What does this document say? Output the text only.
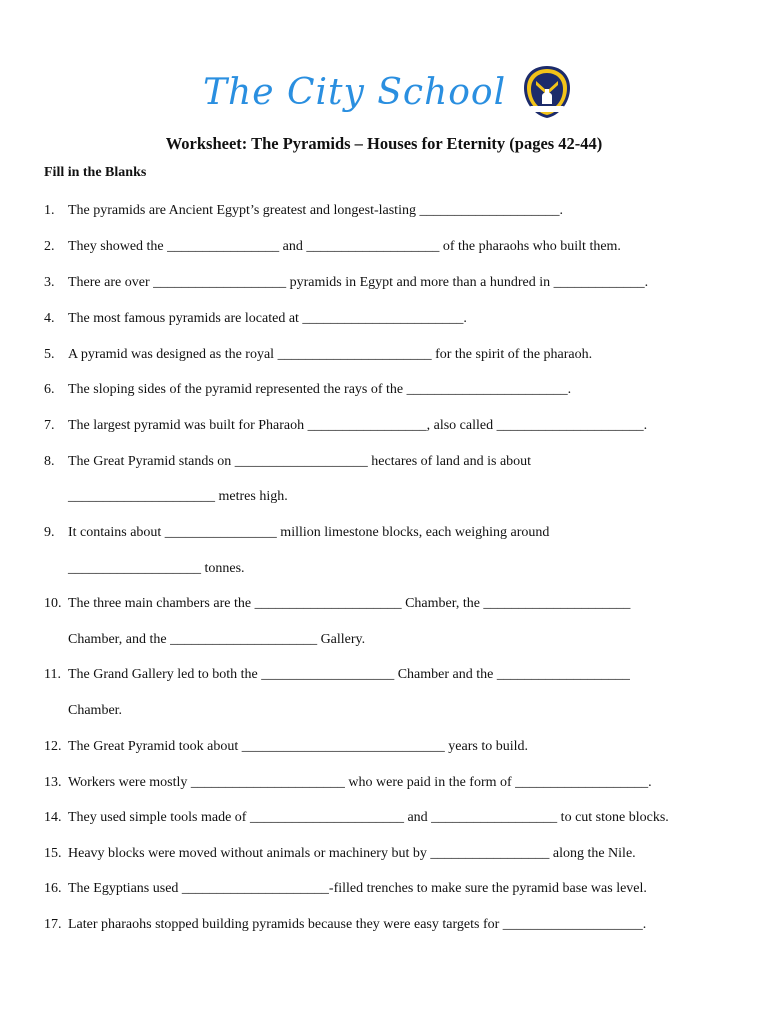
The City School
Worksheet: The Pyramids – Houses for Eternity (pages 42-44)
Fill in the Blanks
1. The pyramids are Ancient Egypt’s greatest and longest-lasting ____________________.
2. They showed the ________________ and ___________________ of the pharaohs who built them.
3. There are over ___________________ pyramids in Egypt and more than a hundred in _____________.
4. The most famous pyramids are located at _______________________.
5. A pyramid was designed as the royal ______________________ for the spirit of the pharaoh.
6. The sloping sides of the pyramid represented the rays of the _______________________.
7. The largest pyramid was built for Pharaoh _________________, also called _____________________.
8. The Great Pyramid stands on ___________________ hectares of land and is about
_____________________ metres high.
9. It contains about ________________ million limestone blocks, each weighing around
___________________ tonnes.
10. The three main chambers are the _____________________ Chamber, the _____________________
Chamber, and the _____________________ Gallery.
11. The Grand Gallery led to both the ___________________ Chamber and the ___________________
Chamber.
12. The Great Pyramid took about _____________________________ years to build.
13. Workers were mostly ______________________ who were paid in the form of ___________________.
14. They used simple tools made of ______________________ and __________________ to cut stone blocks.
15. Heavy blocks were moved without animals or machinery but by _________________ along the Nile.
16. The Egyptians used _____________________-filled trenches to make sure the pyramid base was level.
17. Later pharaohs stopped building pyramids because they were easy targets for ____________________.
